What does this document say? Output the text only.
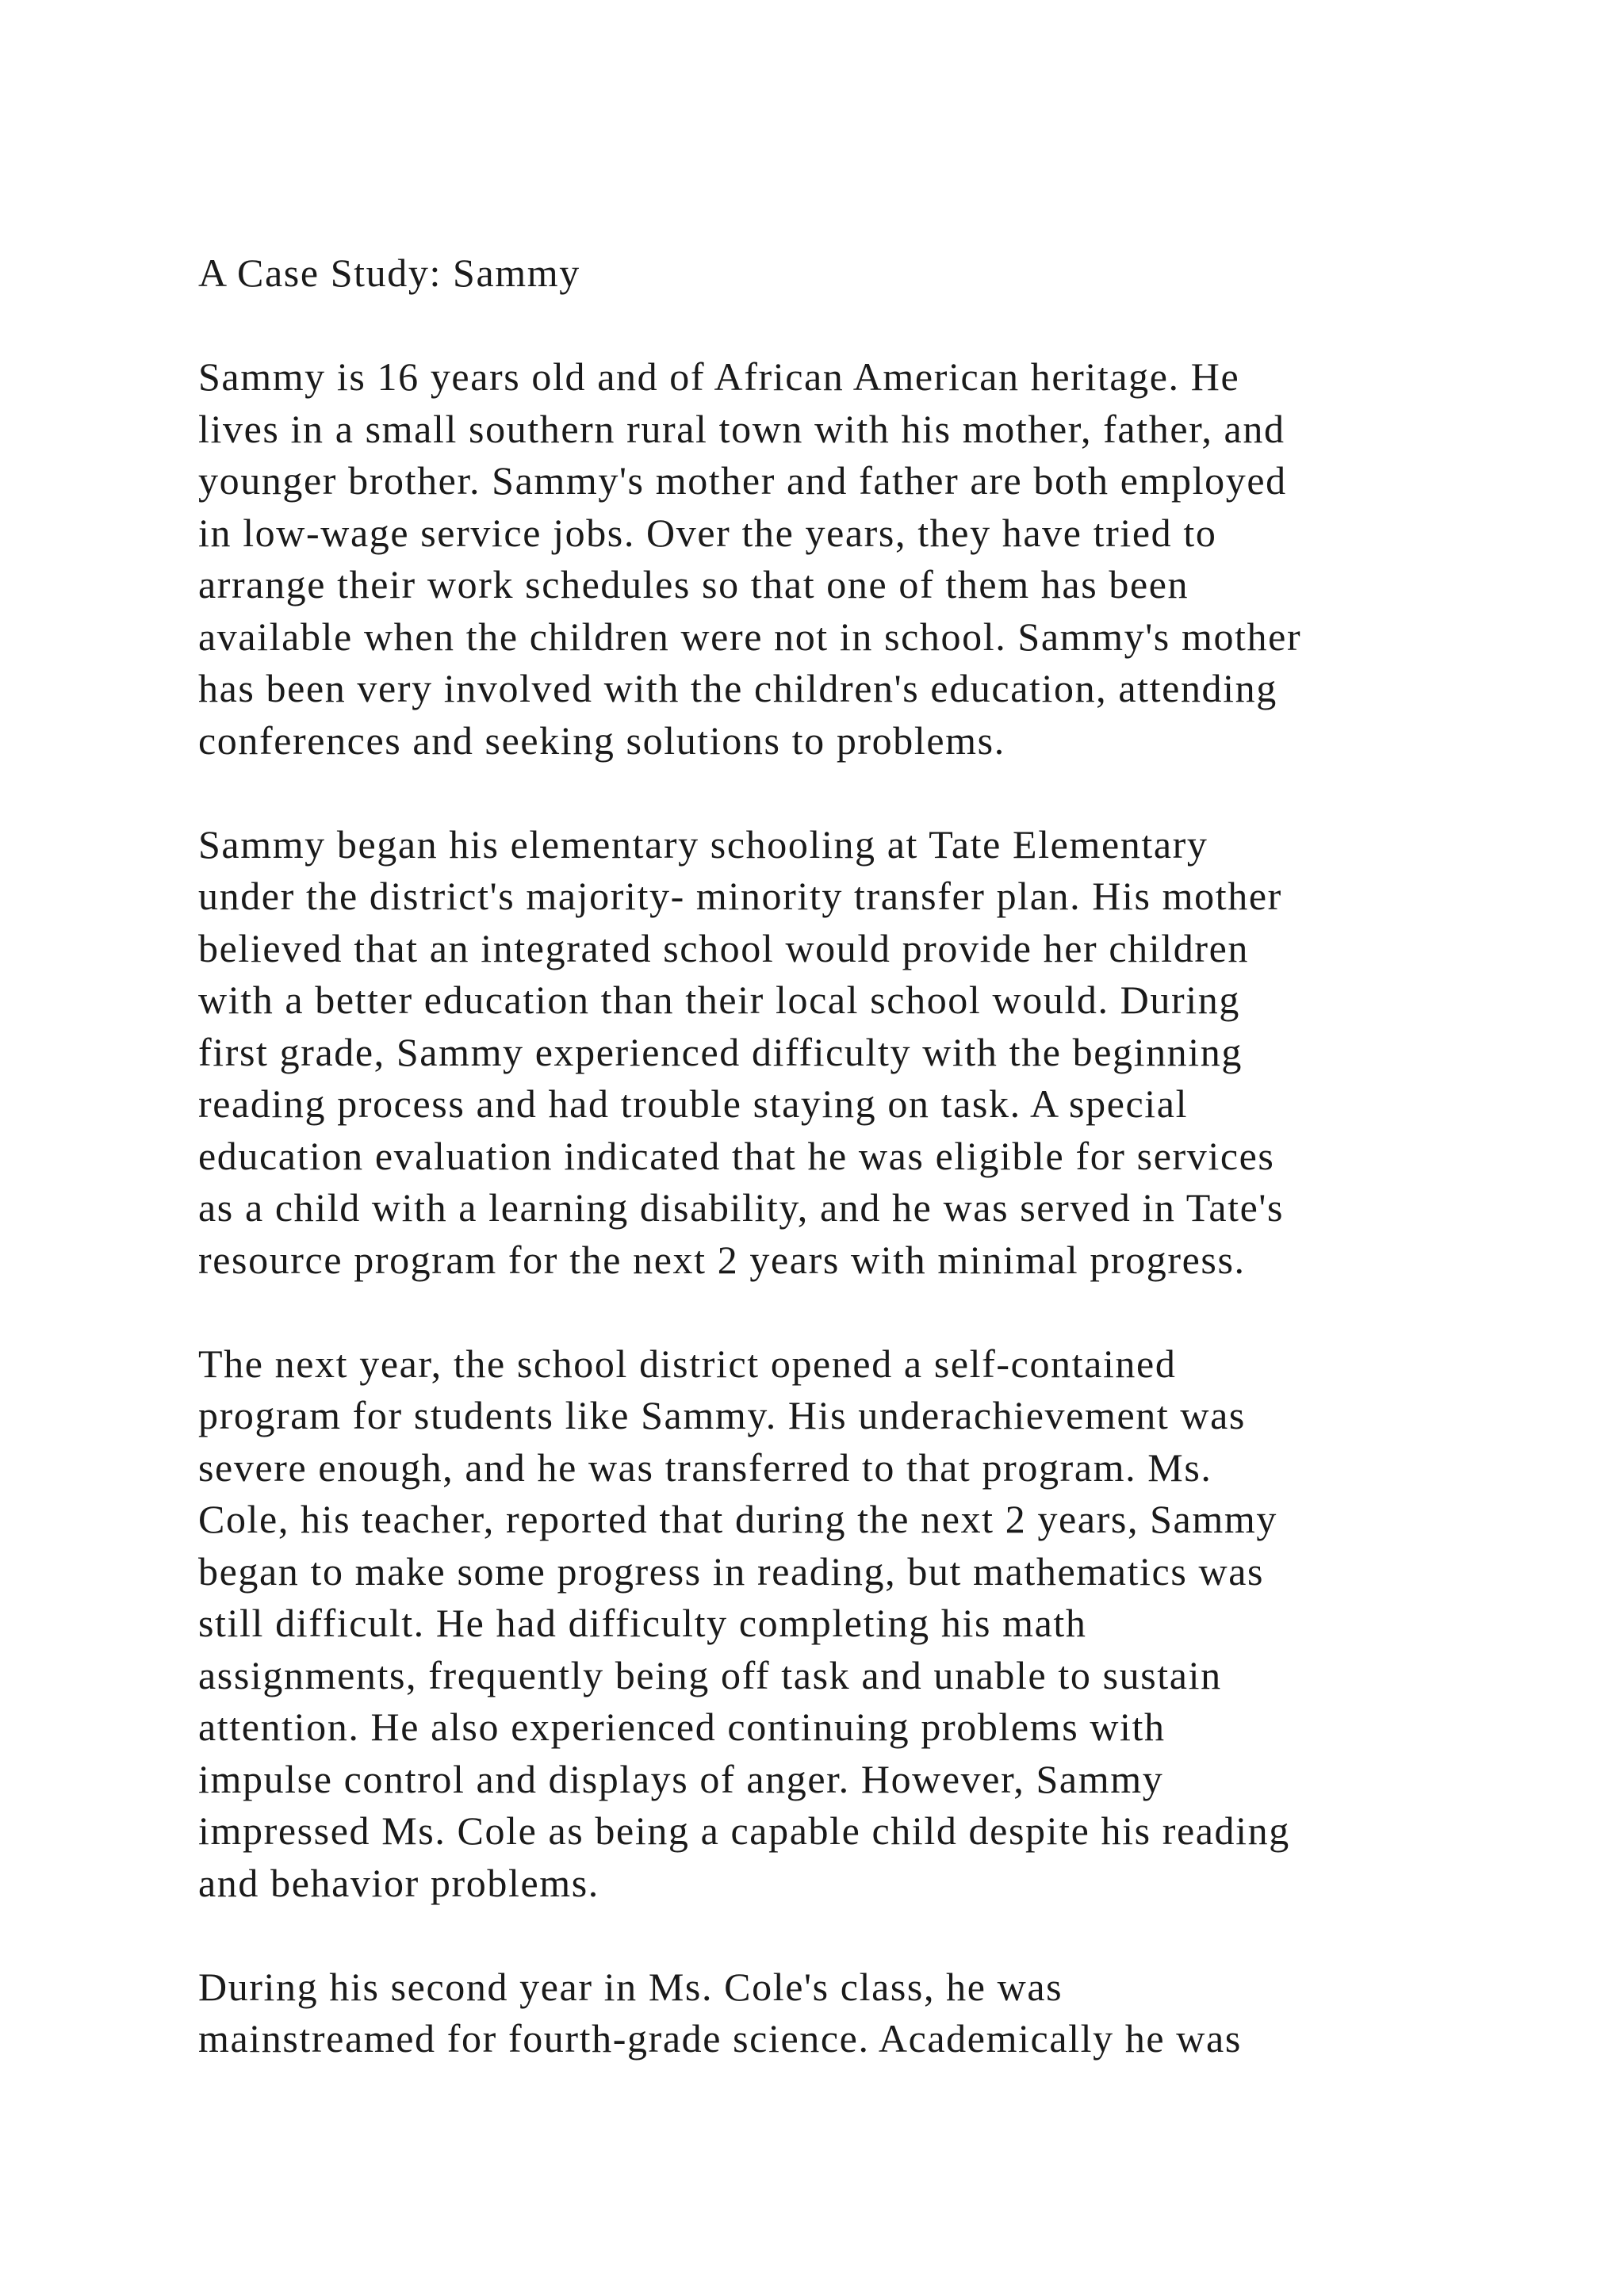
A Case Study: Sammy
Sammy is 16 years old and of African American heritage. He
lives in a small southern rural town with his mother, father, and
younger brother. Sammy's mother and father are both employed
in low-wage service jobs. Over the years, they have tried to
arrange their work schedules so that one of them has been
available when the children were not in school. Sammy's mother
has been very involved with the children's education, attending
conferences and seeking solutions to problems.
Sammy began his elementary schooling at Tate Elementary
under the district's majority- minority transfer plan. His mother
believed that an integrated school would provide her children
with a better education than their local school would. During
first grade, Sammy experienced difficulty with the beginning
reading process and had trouble staying on task. A special
education evaluation indicated that he was eligible for services
as a child with a learning disability, and he was served in Tate's
resource program for the next 2 years with minimal progress.
The next year, the school district opened a self-contained
program for students like Sammy. His underachievement was
severe enough, and he was transferred to that program. Ms.
Cole, his teacher, reported that during the next 2 years, Sammy
began to make some progress in reading, but mathematics was
still difficult. He had difficulty completing his math
assignments, frequently being off task and unable to sustain
attention. He also experienced continuing problems with
impulse control and displays of anger. However, Sammy
impressed Ms. Cole as being a capable child despite his reading
and behavior problems.
During his second year in Ms. Cole's class, he was
mainstreamed for fourth-grade science. Academically he was
